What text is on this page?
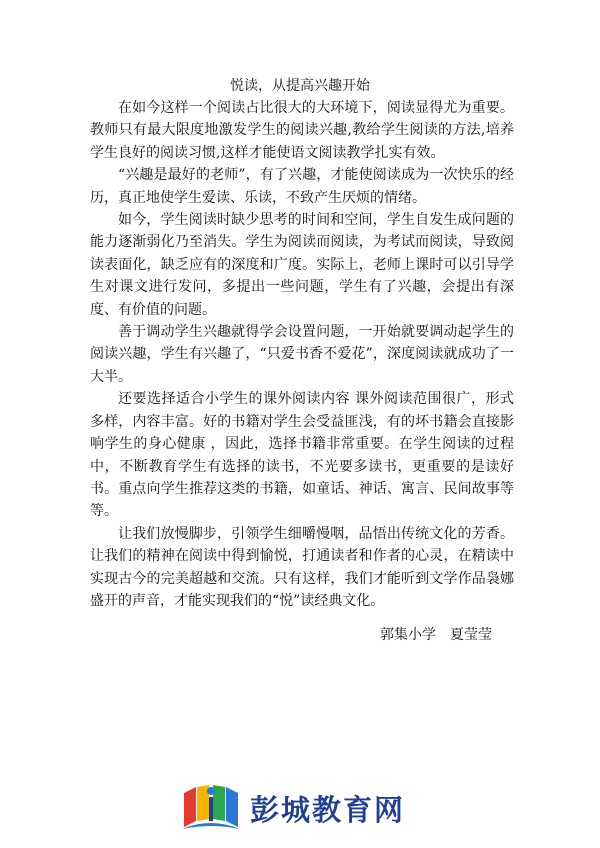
悦读，从提高兴趣开始

在如今这样一个阅读占比很大的大环境下，阅读显得尤为重要。教师只有最大限度地激发学生的阅读兴趣,教给学生阅读的方法,培养学生良好的阅读习惯,这样才能使语文阅读教学扎实有效。

“兴趣是最好的老师”，有了兴趣，才能使阅读成为一次快乐的经历，真正地使学生爱读、乐读，不致产生厌烦的情绪。

如今，学生阅读时缺少思考的时间和空间，学生自发生成问题的能力逐渐弱化乃至消失。学生为阅读而阅读，为考试而阅读，导致阅读表面化，缺乏应有的深度和广度。实际上，老师上课时可以引导学生对课文进行发问，多提出一些问题，学生有了兴趣，会提出有深度、有价值的问题。

善于调动学生兴趣就得学会设置问题，一开始就要调动起学生的阅读兴趣，学生有兴趣了，“只爱书香不爱花”，深度阅读就成功了一大半。

还要选择适合小学生的课外阅读内容 课外阅读范围很广，形式多样，内容丰富。好的书籍对学生会受益匪浅，有的坏书籍会直接影响学生的身心健康 ，因此，选择书籍非常重要。在学生阅读的过程中，不断教育学生有选择的读书，不光要多读书，更重要的是读好书。重点向学生推荐这类的书籍，如童话、神话、寓言、民间故事等等。

让我们放慢脚步，引领学生细嚼慢咽，品悟出传统文化的芳香。让我们的精神在阅读中得到愉悦，打通读者和作者的心灵，在精读中实现古今的完美超越和交流。只有这样，我们才能听到文学作品袅娜盛开的声音，才能实现我们的“悦”读经典文化。

郭集小学　夏莹莹
彭城教育网
